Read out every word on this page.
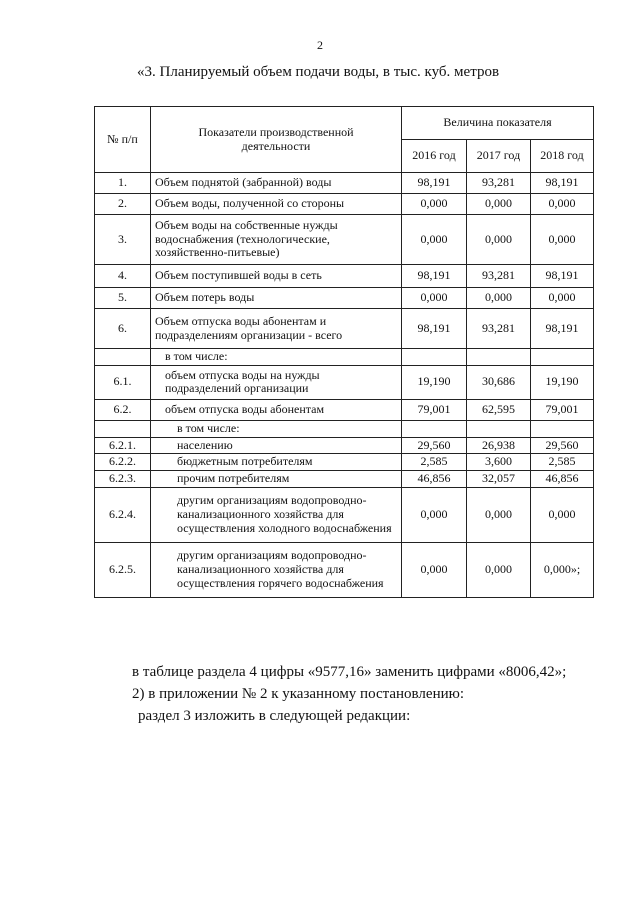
2
«3. Планируемый объем подачи воды, в тыс. куб. метров
№ п/п	Показатели производственной деятельности	Величина показателя		
		2016 год	2017 год	2018 год
1.	Объем поднятой (забранной) воды	98,191	93,281	98,191
2.	Объем воды, полученной со стороны	0,000	0,000	0,000
3.	Объем воды на собственные нужды водоснабжения (технологические, хозяйственно-питьевые)	0,000	0,000	0,000
4.	Объем поступившей воды в сеть	98,191	93,281	98,191
5.	Объем потерь воды	0,000	0,000	0,000
6.	Объем отпуска воды абонентам и подразделениям организации - всего	98,191	93,281	98,191
	в том числе:			
6.1.	объем отпуска воды на нужды подразделений организации	19,190	30,686	19,190
6.2.	объем отпуска воды абонентам	79,001	62,595	79,001
	в том числе:			
6.2.1.	населению	29,560	26,938	29,560
6.2.2.	бюджетным потребителям	2,585	3,600	2,585
6.2.3.	прочим потребителям	46,856	32,057	46,856
6.2.4.	другим организациям водопроводно-канализационного хозяйства для осуществления холодного водоснабжения	0,000	0,000	0,000
6.2.5.	другим организациям водопроводно-канализационного хозяйства для осуществления горячего водоснабжения	0,000	0,000	0,000»;
в таблице раздела 4 цифры «9577,16» заменить цифрами «8006,42»;
2) в приложении № 2 к указанному постановлению:
раздел 3 изложить в следующей редакции:
